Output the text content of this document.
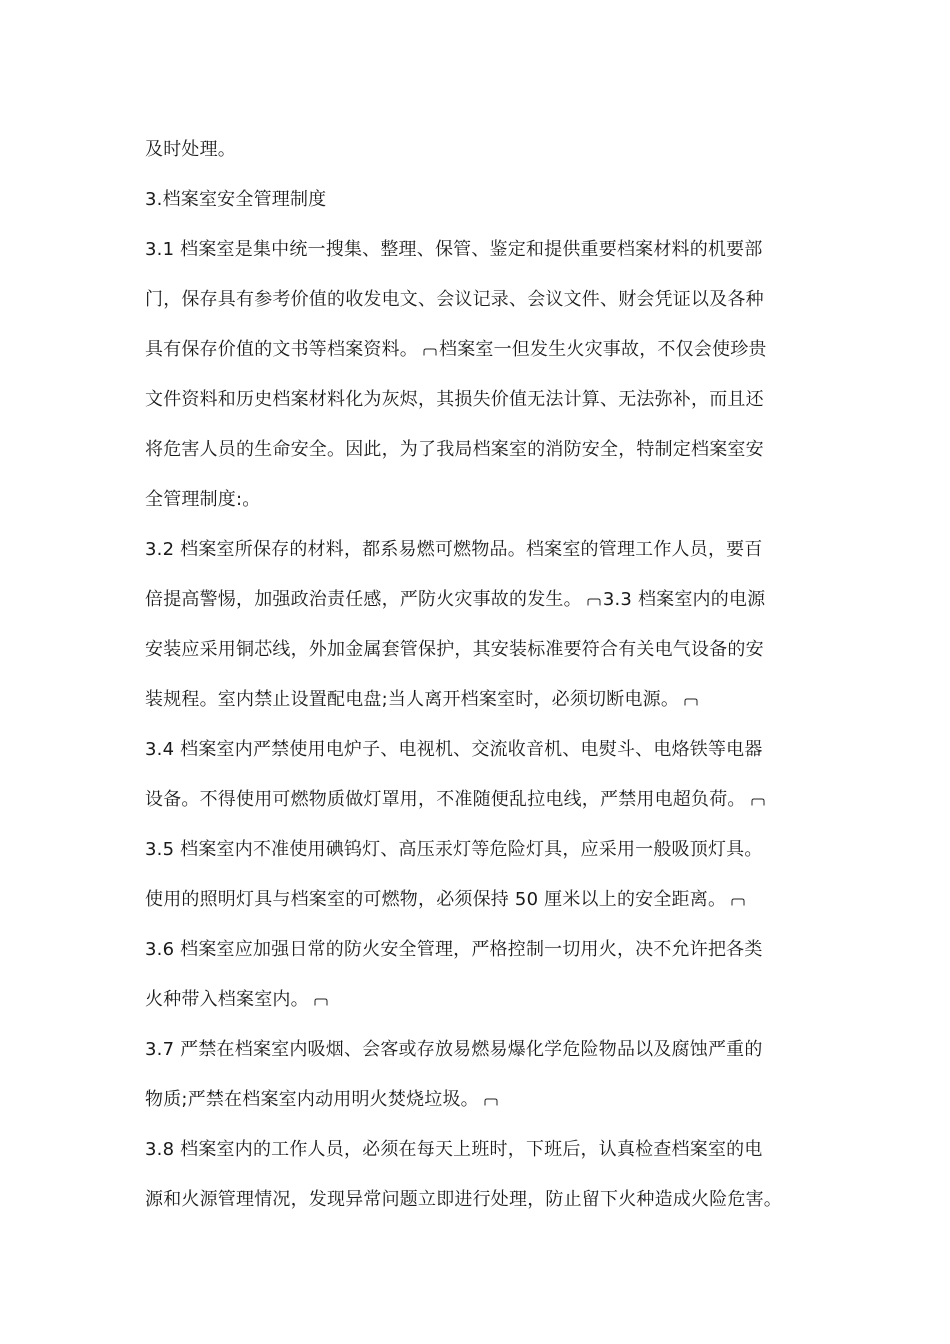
及时处理。
3.档案室安全管理制度
3.1 档案室是集中统一搜集、整理、保管、鉴定和提供重要档案材料的机要部
门，保存具有参考价值的收发电文、会议记录、会议文件、财会凭证以及各种
具有保存价值的文书等档案资料。 档案室一但发生火灾事故，不仅会使珍贵
文件资料和历史档案材料化为灰烬，其损失价值无法计算、无法弥补，而且还
将危害人员的生命安全。因此，为了我局档案室的消防安全，特制定档案室安
全管理制度:。
3.2 档案室所保存的材料，都系易燃可燃物品。档案室的管理工作人员，要百
倍提高警惕，加强政治责任感，严防火灾事故的发生。 3.3 档案室内的电源
安装应采用铜芯线，外加金属套管保护，其安装标准要符合有关电气设备的安
装规程。室内禁止设置配电盘;当人离开档案室时，必须切断电源。
3.4 档案室内严禁使用电炉子、电视机、交流收音机、电熨斗、电烙铁等电器
设备。不得使用可燃物质做灯罩用，不准随便乱拉电线，严禁用电超负荷。
3.5 档案室内不准使用碘钨灯、高压汞灯等危险灯具，应采用一般吸顶灯具。
使用的照明灯具与档案室的可燃物，必须保持 50 厘米以上的安全距离。
3.6 档案室应加强日常的防火安全管理，严格控制一切用火，决不允许把各类
火种带入档案室内。
3.7 严禁在档案室内吸烟、会客或存放易燃易爆化学危险物品以及腐蚀严重的
物质;严禁在档案室内动用明火焚烧垃圾。
3.8 档案室内的工作人员，必须在每天上班时，下班后，认真检查档案室的电
源和火源管理情况，发现异常问题立即进行处理，防止留下火种造成火险危害。
